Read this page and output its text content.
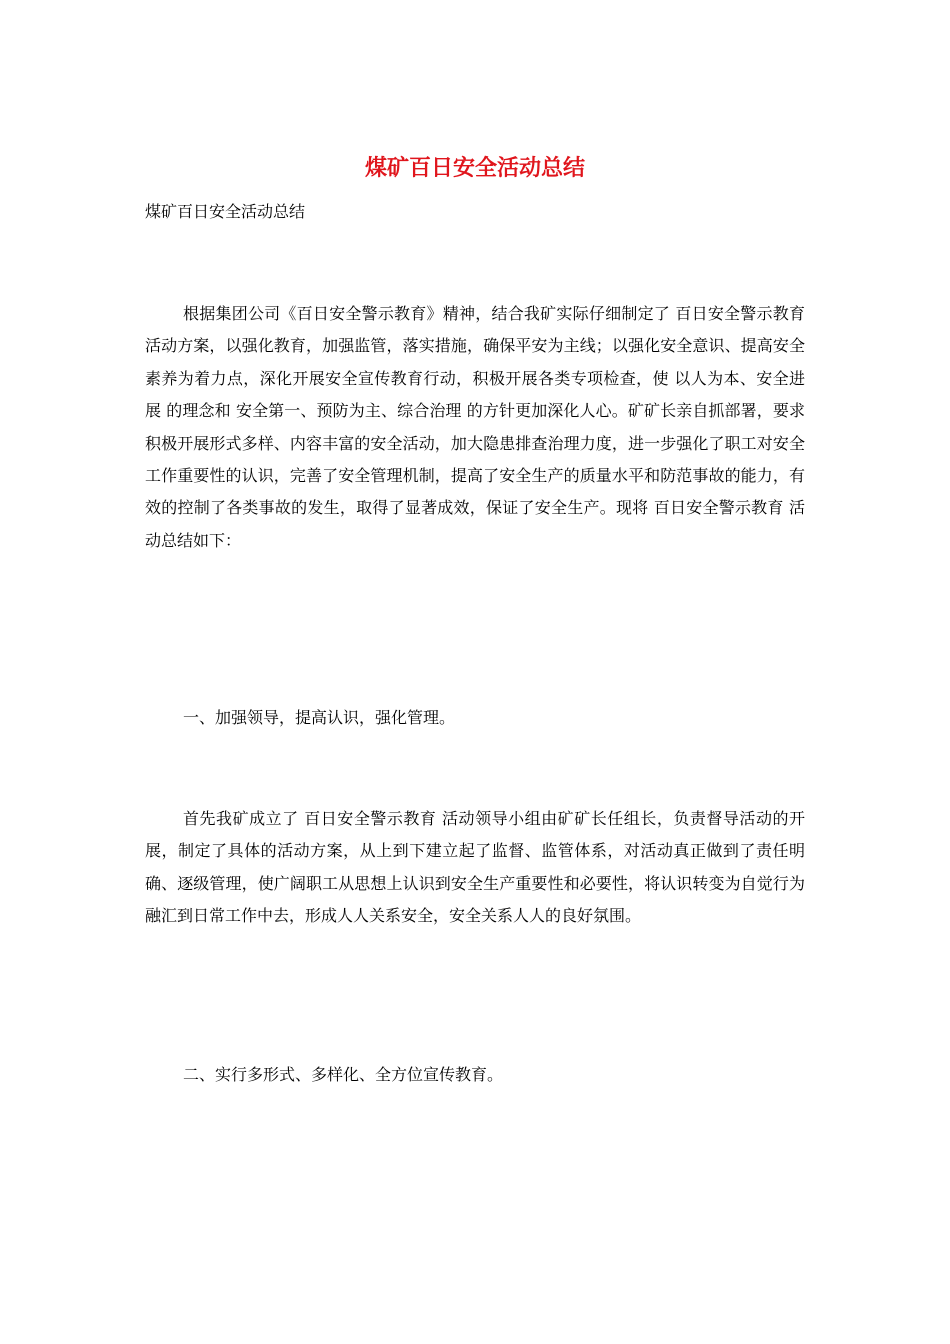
煤矿百日安全活动总结

煤矿百日安全活动总结

根据集团公司《百日安全警示教育》精神，结合我矿实际仔细制定了 百日安全警示教育 活动方案，以强化教育，加强监管，落实措施，确保平安为主线；以强化安全意识、提高安全素养为着力点，深化开展安全宣传教育行动，积极开展各类专项检查，使 以人为本、安全进展 的理念和 安全第一、预防为主、综合治理 的方针更加深化人心。矿矿长亲自抓部署，要求积极开展形式多样、内容丰富的安全活动，加大隐患排查治理力度，进一步强化了职工对安全工作重要性的认识，完善了安全管理机制，提高了安全生产的质量水平和防范事故的能力，有效的控制了各类事故的发生，取得了显著成效，保证了安全生产。现将 百日安全警示教育 活动总结如下：

一、加强领导，提高认识，强化管理。

首先我矿成立了 百日安全警示教育 活动领导小组由矿矿长任组长，负责督导活动的开展，制定了具体的活动方案，从上到下建立起了监督、监管体系，对活动真正做到了责任明确、逐级管理，使广阔职工从思想上认识到安全生产重要性和必要性，将认识转变为自觉行为融汇到日常工作中去，形成人人关系安全，安全关系人人的良好氛围。

二、实行多形式、多样化、全方位宣传教育。
